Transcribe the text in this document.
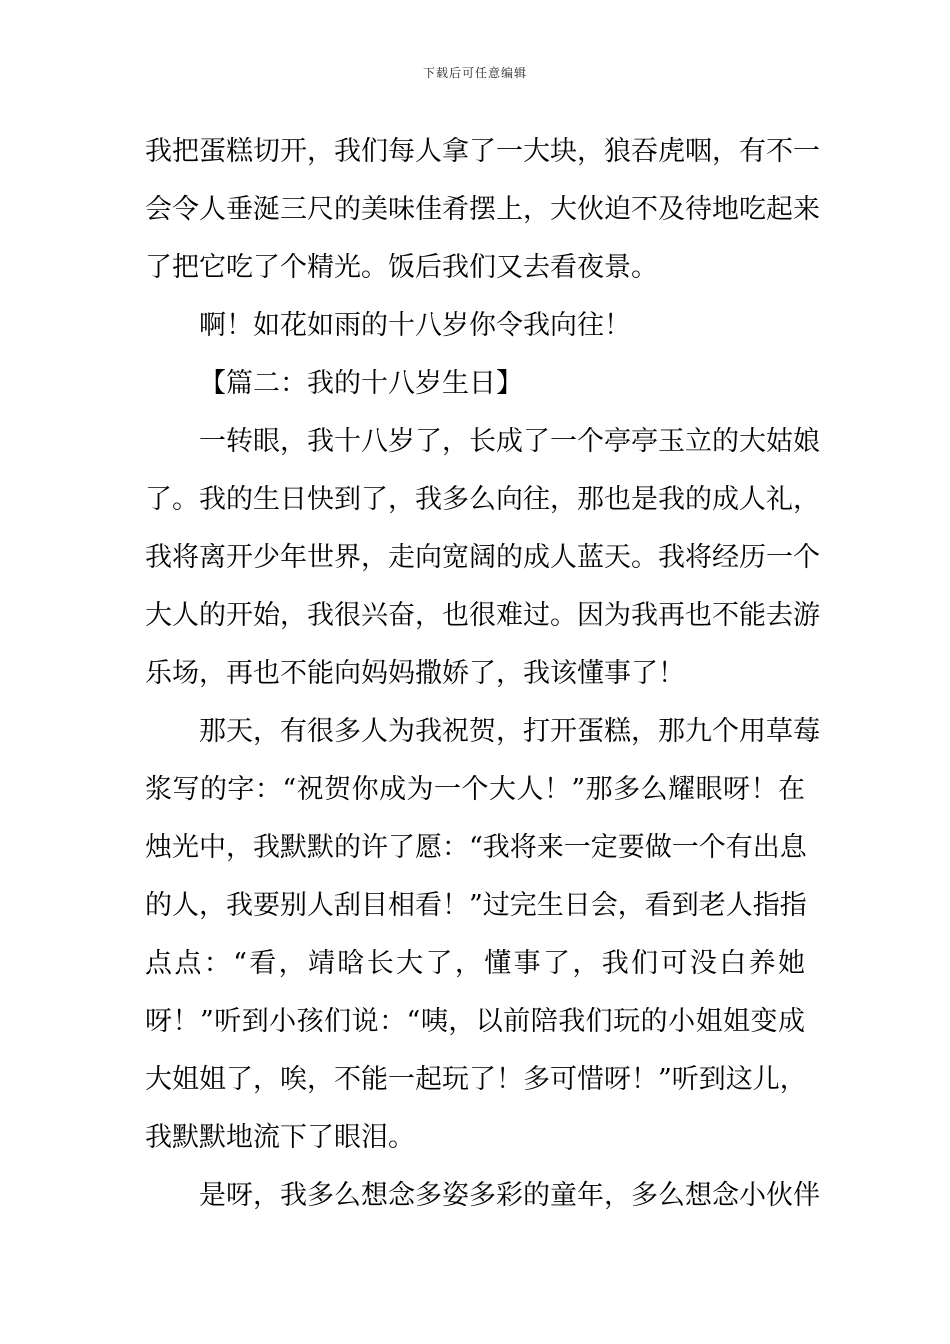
下载后可任意编辑
我把蛋糕切开，我们每人拿了一大块，狼吞虎咽，有不一
会令人垂涎三尺的美味佳肴摆上，大伙迫不及待地吃起来
了把它吃了个精光。饭后我们又去看夜景。
啊！如花如雨的十八岁你令我向往！
【篇二：我的十八岁生日】
一转眼，我十八岁了，长成了一个亭亭玉立的大姑娘
了。我的生日快到了，我多么向往，那也是我的成人礼，
我将离开少年世界，走向宽阔的成人蓝天。我将经历一个
大人的开始，我很兴奋，也很难过。因为我再也不能去游
乐场，再也不能向妈妈撒娇了，我该懂事了！
那天，有很多人为我祝贺，打开蛋糕，那九个用草莓
浆写的字：“祝贺你成为一个大人！”那多么耀眼呀！在
烛光中，我默默的许了愿：“我将来一定要做一个有出息
的人，我要别人刮目相看！”过完生日会，看到老人指指
点点：“看，靖晗长大了，懂事了，我们可没白养她
呀！”听到小孩们说：“咦，以前陪我们玩的小姐姐变成
大姐姐了，唉，不能一起玩了！多可惜呀！”听到这儿，
我默默地流下了眼泪。
是呀，我多么想念多姿多彩的童年，多么想念小伙伴
